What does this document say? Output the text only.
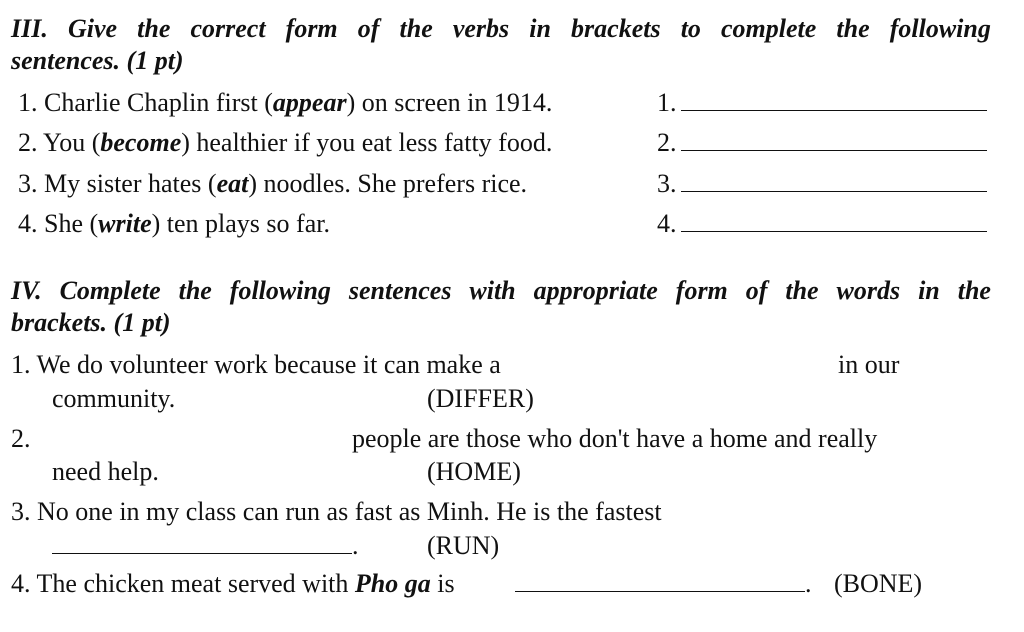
III. Give the correct form of the verbs in brackets to complete the following
sentences. (1 pt)
1. Charlie Chaplin first (appear) on screen in 1914.	1.
2. You (become) healthier if you eat less fatty food.	2.
3. My sister hates (eat) noodles. She prefers rice.	3.
4. She (write) ten plays so far.	4.
IV. Complete the following sentences with appropriate form of the words in the
brackets. (1 pt)
1. We do volunteer work because it can make a	in our
community.	(DIFFER)
2.	people are those who don't have a home and really
need help.	(HOME)
3. No one in my class can run as fast as Minh. He is the fastest
.	(RUN)
4. The chicken meat served with Pho ga is	. (BONE)
